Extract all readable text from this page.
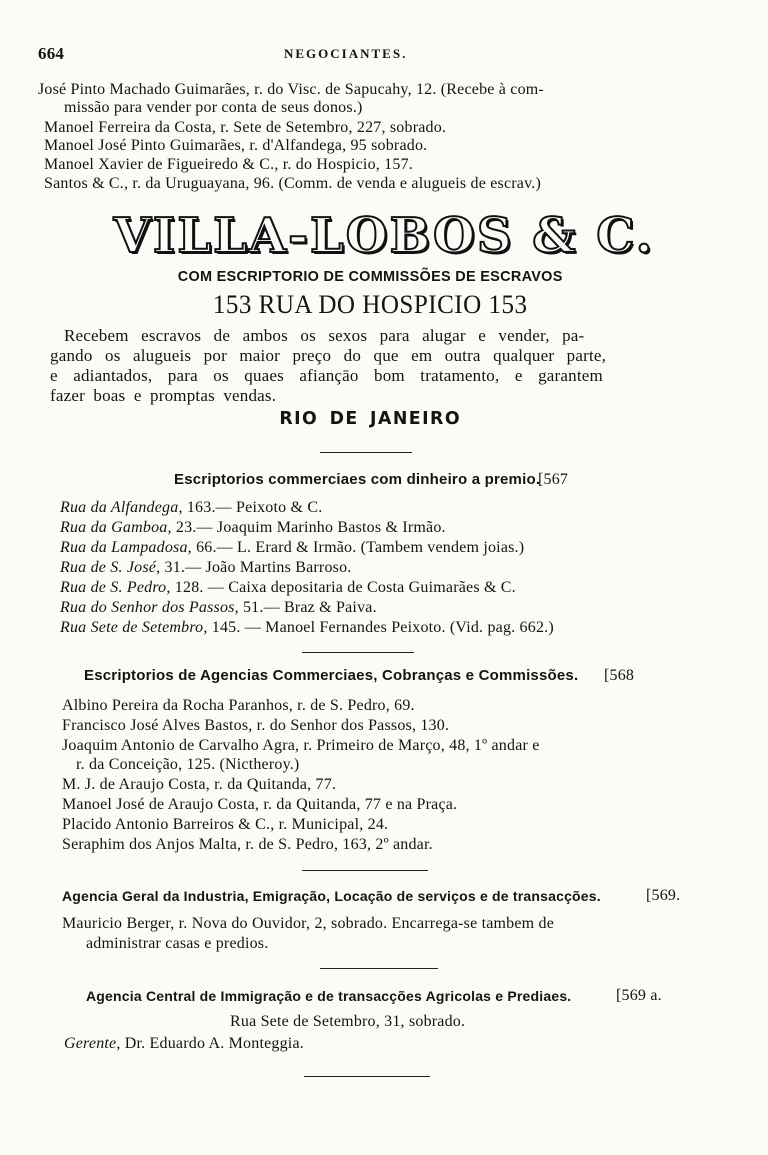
664	NEGOCIANTES.
José Pinto Machado Guimarães, r. do Visc. de Sapucahy, 12. (Recebe à com-
missão para vender por conta de seus donos.)
Manoel Ferreira da Costa, r. Sete de Setembro, 227, sobrado.
Manoel José Pinto Guimarães, r. d'Alfandega, 95 sobrado.
Manoel Xavier de Figueiredo & C., r. do Hospicio, 157.
Santos & C., r. da Uruguayana, 96. (Comm. de venda e alugueis de escrav.)
VILLA-LOBOS & C.
COM ESCRIPTORIO DE COMMISSÕES DE ESCRAVOS
153 RUA DO HOSPICIO 153
Recebem escravos de ambos os sexos para alugar e vender, pa-
gando os alugueis por maior preço do que em outra qualquer parte,
e adiantados, para os quaes afiançāo bom tratamento, e garantem
fazer boas e promptas vendas.
RIO DE JANEIRO
Escriptorios commerciaes com dinheiro a premio.
[567
Rua da Alfandega, 163.— Peixoto & C.
Rua da Gamboa, 23.— Joaquim Marinho Bastos & Irmão.
Rua da Lampadosa, 66.— L. Erard & Irmão. (Tambem vendem joias.)
Rua de S. José, 31.— João Martins Barroso.
Rua de S. Pedro, 128. — Caixa depositaria de Costa Guimarães & C.
Rua do Senhor dos Passos, 51.— Braz & Paiva.
Rua Sete de Setembro, 145. — Manoel Fernandes Peixoto. (Vid. pag. 662.)
Escriptorios de Agencias Commerciaes, Cobranças e Commissões. [568
Albino Pereira da Rocha Paranhos, r. de S. Pedro, 69.
Francisco José Alves Bastos, r. do Senhor dos Passos, 130.
Joaquim Antonio de Carvalho Agra, r. Primeiro de Março, 48, 1º andar e
r. da Conceição, 125. (Nictheroy.)
M. J. de Araujo Costa, r. da Quitanda, 77.
Manoel José de Araujo Costa, r. da Quitanda, 77 e na Praça.
Placido Antonio Barreiros & C., r. Municipal, 24.
Seraphim dos Anjos Malta, r. de S. Pedro, 163, 2º andar.
Agencia Geral da Industria, Emigração, Locação de serviços e de transacções.	[569.
Mauricio Berger, r. Nova do Ouvidor, 2, sobrado. Encarrega-se tambem de
administrar casas e predios.
Agencia Central de Immigração e de transacções Agricolas e Prediaes.	[569 a.
Rua Sete de Setembro, 31, sobrado.
Gerente, Dr. Eduardo A. Monteggia.
